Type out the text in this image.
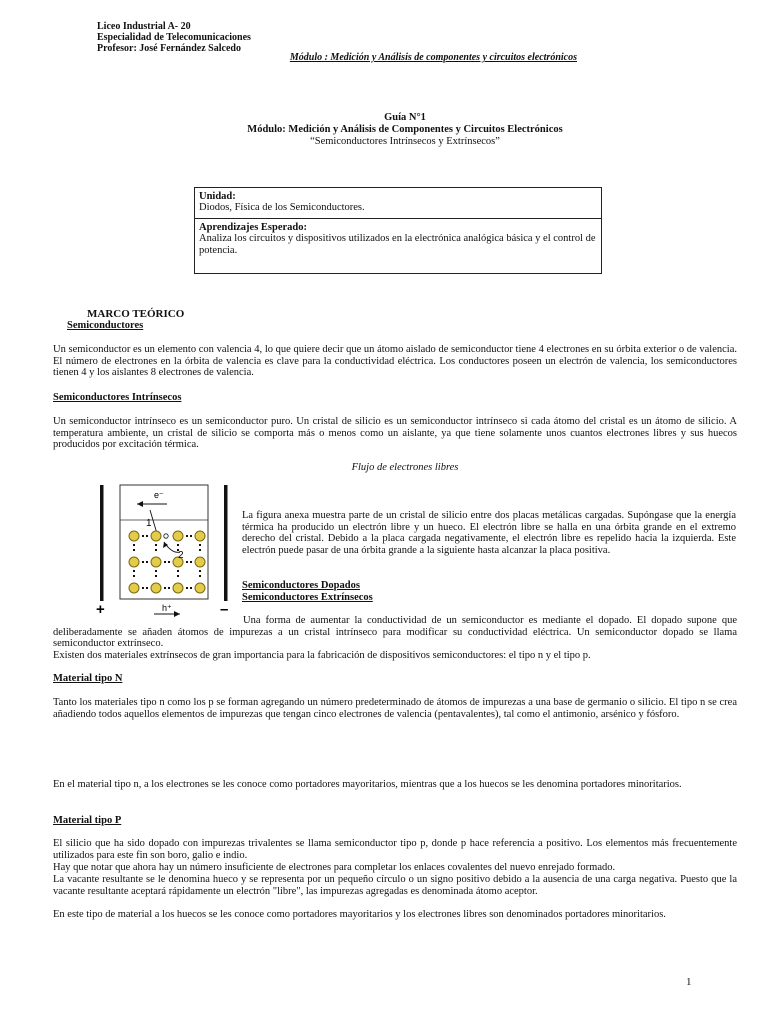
Liceo Industrial A- 20
Especialidad de Telecomunicaciones
Profesor: José Fernández Salcedo
Módulo : Medición y Análisis de componentes y circuitos electrónicos
Guía N°1
Módulo: Medición y Análisis de Componentes y Circuitos Electrónicos
“Semiconductores Intrínsecos y Extrínsecos”
Unidad:
Diodos, Física de los Semiconductores.
Aprendizajes Esperado:
Analiza los circuitos y dispositivos utilizados en la electrónica analógica básica y el control de potencia.
MARCO TEÓRICO
Semiconductores
Un semiconductor es un elemento con valencia 4, lo que quiere decir que un átomo aislado de semiconductor tiene 4 electrones en su órbita exterior o de valencia. El número de electrones en la órbita de valencia es clave para la conductividad eléctrica. Los conductores poseen un electrón de valencia, los semiconductores tienen 4 y los aislantes 8 electrones de valencia.
Semiconductores Intrínsecos
Un semiconductor intrínseco es un semiconductor puro. Un cristal de silicio es un semiconductor intrínseco si cada átomo del cristal es un átomo de silicio. A temperatura ambiente, un cristal de silicio se comporta más o menos como un aislante, ya que tiene solamente unos cuantos electrones libres y sus huecos producidos por excitación térmica.
Flujo de electrones libres
e⁻
1
2
h⁺
+	–
La figura anexa muestra parte de un cristal de silicio entre dos placas metálicas cargadas. Supóngase que la energía térmica ha producido un electrón libre y un hueco. El electrón libre se halla en una órbita grande en el extremo derecho del cristal. Debido a la placa cargada negativamente, el electrón libre es repelido hacia la izquierda. Este electrón puede pasar de una órbita grande a la siguiente hasta alcanzar la placa positiva.
Semiconductores Dopados
Semiconductores Extrínsecos
Una forma de aumentar la conductividad de un semiconductor es mediante el dopado. El dopado supone que deliberadamente se añaden átomos de impurezas a un cristal intrínseco para modificar su conductividad eléctrica. Un semiconductor dopado se llama semiconductor extrínseco.
Existen dos materiales extrínsecos de gran importancia para la fabricación de dispositivos semiconductores: el tipo n y el tipo p.
Material tipo N
Tanto los materiales tipo n como los p se forman agregando un número predeterminado de átomos de impurezas a una base de germanio o silicio. El tipo n se crea añadiendo todos aquellos elementos de impurezas que tengan cinco electrones de valencia (pentavalentes), tal como el antimonio, arsénico y fósforo.
En el material tipo n, a los electrones se les conoce como portadores mayoritarios, mientras que a los huecos se les denomina portadores minoritarios.
Material tipo P
El silicio que ha sido dopado con impurezas trivalentes se llama semiconductor tipo p, donde p hace referencia a positivo. Los elementos más frecuentemente utilizados para este fin son boro, galio e indio.
Hay que notar que ahora hay un número insuficiente de electrones para completar los enlaces covalentes del nuevo enrejado formado.
La vacante resultante se le denomina hueco y se representa por un pequeño círculo o un signo positivo debido a la ausencia de una carga negativa. Puesto que la vacante resultante aceptará rápidamente un electrón "libre", las impurezas agregadas es denominada átomo aceptor.
En este tipo de material a los huecos se les conoce como portadores mayoritarios y los electrones libres son denominados portadores minoritarios.
1
